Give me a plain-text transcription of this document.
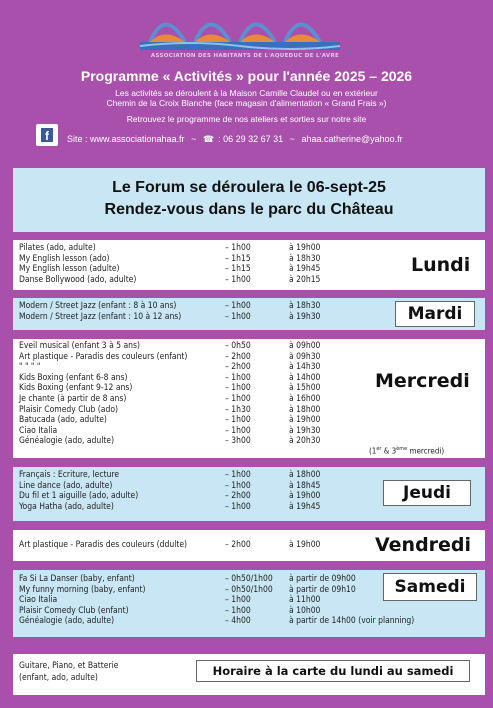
ASSOCIATION DES HABITANTS DE L'AQUEDUC DE L'AVRE
Programme « Activités » pour l'année 2025 – 2026
Les activités se déroulent à la Maison Camille Claudel ou en extérieur
Chemin de la Croix Blanche (face magasin d'alimentation « Grand Frais »)
Retrouvez le programme de nos ateliers et sorties sur notre site
f	Site : www.associationahaa.fr ~ ☎ : 06 29 32 67 31 ~ ahaa.catherine@yahoo.fr
Le Forum se déroulera le 06-sept-25
Rendez-vous dans le parc du Château
Lundi
Pilates (ado, adulte)	– 1h00	à 19h00
My English lesson (ado)	– 1h15	à 18h30
My English lesson (adulte)	– 1h15	à 19h45
Danse Bollywood (ado, adulte)	– 1h00	à 20h15
Mardi
Modern / Street Jazz (enfant : 8 à 10 ans)	– 1h00	à 18h30
Modern / Street Jazz (enfant : 10 à 12 ans)	– 1h00	à 19h30
Mercredi
(1er & 3ème mercredi)
Eveil musical (enfant 3 à 5 ans)	– 0h50	à 09h00
Art plastique - Paradis des couleurs (enfant)	– 2h00	à 09h30
" " " "	– 2h00	à 14h30
Kids Boxing (enfant 6-8 ans)	– 1h00	à 14h00
Kids Boxing (enfant 9-12 ans)	– 1h00	à 15h00
Je chante (à partir de 8 ans)	– 1h00	à 16h00
Plaisir Comedy Club (ado)	– 1h30	à 18h00
Batucada (ado, adulte)	– 1h00	à 19h00
Ciao Italia	– 1h00	à 19h30
Généalogie (ado, adulte)	– 3h00	à 20h30
Jeudi
Français : Ecriture, lecture	– 1h00	à 18h00
Line dance (ado, adulte)	– 1h00	à 18h45
Du fil et 1 aiguille (ado, adulte)	– 2h00	à 19h00
Yoga Hatha (ado, adulte)	– 1h00	à 19h45
Vendredi
Art plastique - Paradis des couleurs (ddulte)	– 2h00	à 19h00
Samedi
Fa Si La Danser (baby, enfant)	– 0h50/1h00 à partir de 09h00
My funny morning (baby, enfant)	– 0h50/1h00 à partir de 09h10
Ciao Italia	– 1h00	à 11h00
Plaisir Comedy Club (enfant)	– 1h00	à 10h00
Généalogie (ado, adulte)	– 4h00	à partir de 14h00 (voir planning)
Guitare, Piano, et Batterie
(enfant, ado, adulte)	Horaire à la carte du lundi au samedi
